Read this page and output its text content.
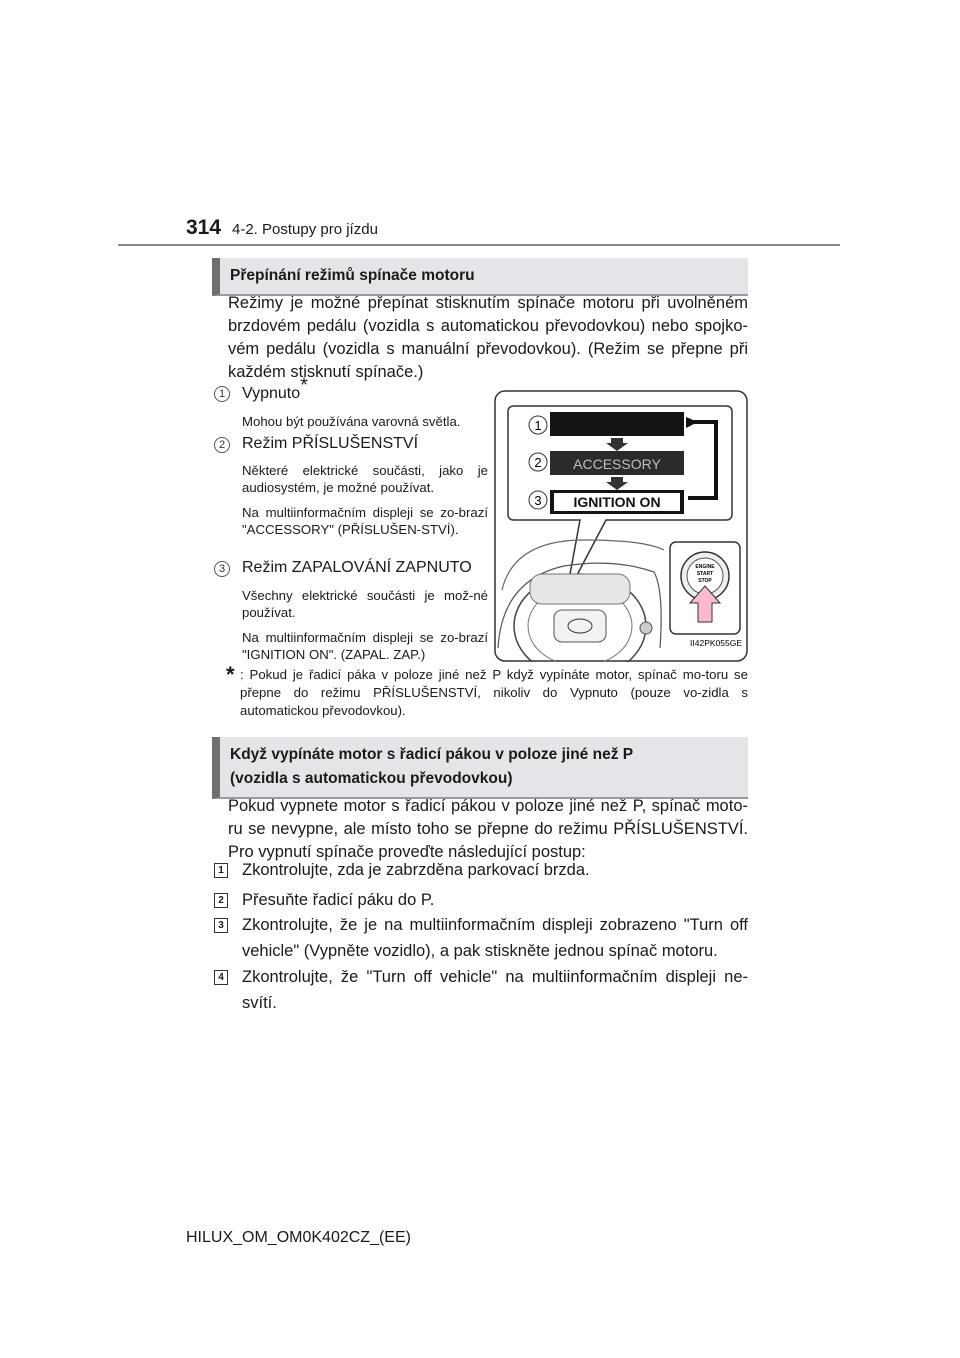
314 4-2. Postupy pro jízdu
Přepínání režimů spínače motoru
Režimy je možné přepínat stisknutím spínače motoru při uvolněném brzdovém pedálu (vozidla s automatickou převodovkou) nebo spojko-vém pedálu (vozidla s manuální převodovkou). (Režim se přepne při každém stisknutí spínače.)
1	Vypnuto*
Mohou být používána varovná světla.
2	Režim PŘÍSLUŠENSTVÍ
Některé elektrické součásti, jako je audiosystém, je možné používat.
Na multiinformačním displeji se zo-brazí "ACCESSORY" (PŘÍSLUŠEN-STVÍ).
3	Režim ZAPALOVÁNÍ ZAPNUTO
Všechny elektrické součásti je mož-né používat.
Na multiinformačním displeji se zo-brazí "IGNITION ON". (ZAPAL. ZAP.)
1
2
3
ACCESSORY
IGNITION ON
ENGINE
START
STOP
II42PK055GE
* : Pokud je řadicí páka v poloze jiné než P když vypínáte motor, spínač mo-toru se přepne do režimu PŘÍSLUŠENSTVÍ, nikoliv do Vypnuto (pouze vo-zidla s automatickou převodovkou).
Když vypínáte motor s řadicí pákou v poloze jiné než P
(vozidla s automatickou převodovkou)
Pokud vypnete motor s řadicí pákou v poloze jiné než P, spínač moto-ru se nevypne, ale místo toho se přepne do režimu PŘÍSLUŠENSTVÍ. Pro vypnutí spínače proveďte následující postup:
1 Zkontrolujte, zda je zabrzděna parkovací brzda.
2 Přesuňte řadicí páku do P.
3 Zkontrolujte, že je na multiinformačním displeji zobrazeno "Turn off vehicle" (Vypněte vozidlo), a pak stiskněte jednou spínač motoru.
4 Zkontrolujte, že "Turn off vehicle" na multiinformačním displeji ne-svítí.
HILUX_OM_OM0K402CZ_(EE)
